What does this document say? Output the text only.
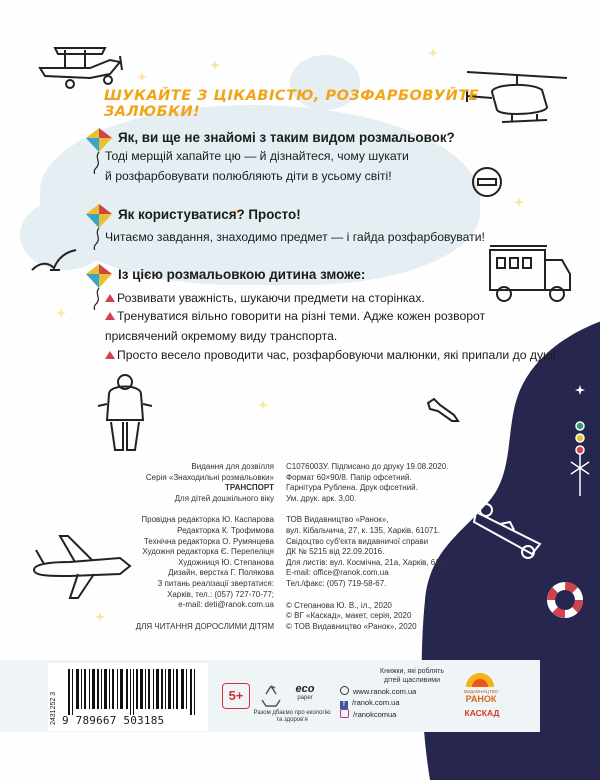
ШУКАЙТЕ З ЦІКАВІСТЮ, РОЗФАРБОВУЙТЕ ЗАЛЮБКИ!
Як, ви ще не знайомі з таким видом розмальовок?
Тоді мерщій хапайте цю — й дізнайтеся, чому шукати
й розфарбовувати полюбляють діти в усьому світі!
Як користуватися? Просто!
Читаємо завдання, знаходимо предмет — і гайда розфарбовувати!
Із цією розмальовкою дитина зможе:
Розвивати уважність, шукаючи предмети на сторінках.
Тренуватися вільно говорити на різні теми. Адже кожен розворот
присвячений окремому виду транспорта.
Просто весело проводити час, розфарбовуючи малюнки, які припали до душі.
Видання для дозвілля
Серія «Знаходильні розмальовки»
ТРАНСПОРТ
Для дітей дошкільного віку
Провідна редакторка Ю. Каспарова
Редакторка К. Трофимова
Технічна редакторка О. Румянцева
Художня редакторка Є. Перепеліця
Художниця Ю. Степанова
Дизайн, верстка Г. Полякова
З питань реалізації звертатися:
Харків, тел.: (057) 727-70-77;
e-mail: deti@ranok.com.ua
ДЛЯ ЧИТАННЯ ДОРОСЛИМИ ДІТЯМ
С1076003У. Підписано до друку 19.08.2020.
Формат 60×90/8. Папір офсетний.
Гарнітура Рублена. Друк офсетний.
Ум. друк. арк. 3,00.
ТОВ Видавництво «Ранок»,
вул. Кібальчича, 27, к. 135, Харків, 61071.
Свідоцтво суб'єкта видавничої справи
ДК № 5215 від 22.09.2016.
Для листів: вул. Космічна, 21а, Харків, 61145.
E-mail: office@ranok.com.ua
Тел./факс: (057) 719-58-67.
© Степанова Ю. В., іл., 2020
© ВГ «Каскад», макет, серія, 2020
© ТОВ Видавництво «Ранок», 2020
2431252 3 9 789667 503185
5+	eco
paper
Разом дбаємо про екологію та здоров'я
Книжки, які роблять дітей щасливими
www.ranok.com.ua
f /ranok.com.ua
/ranokcomua
ВИДАВНИЦТВО
РАНОК
КАСКАД
